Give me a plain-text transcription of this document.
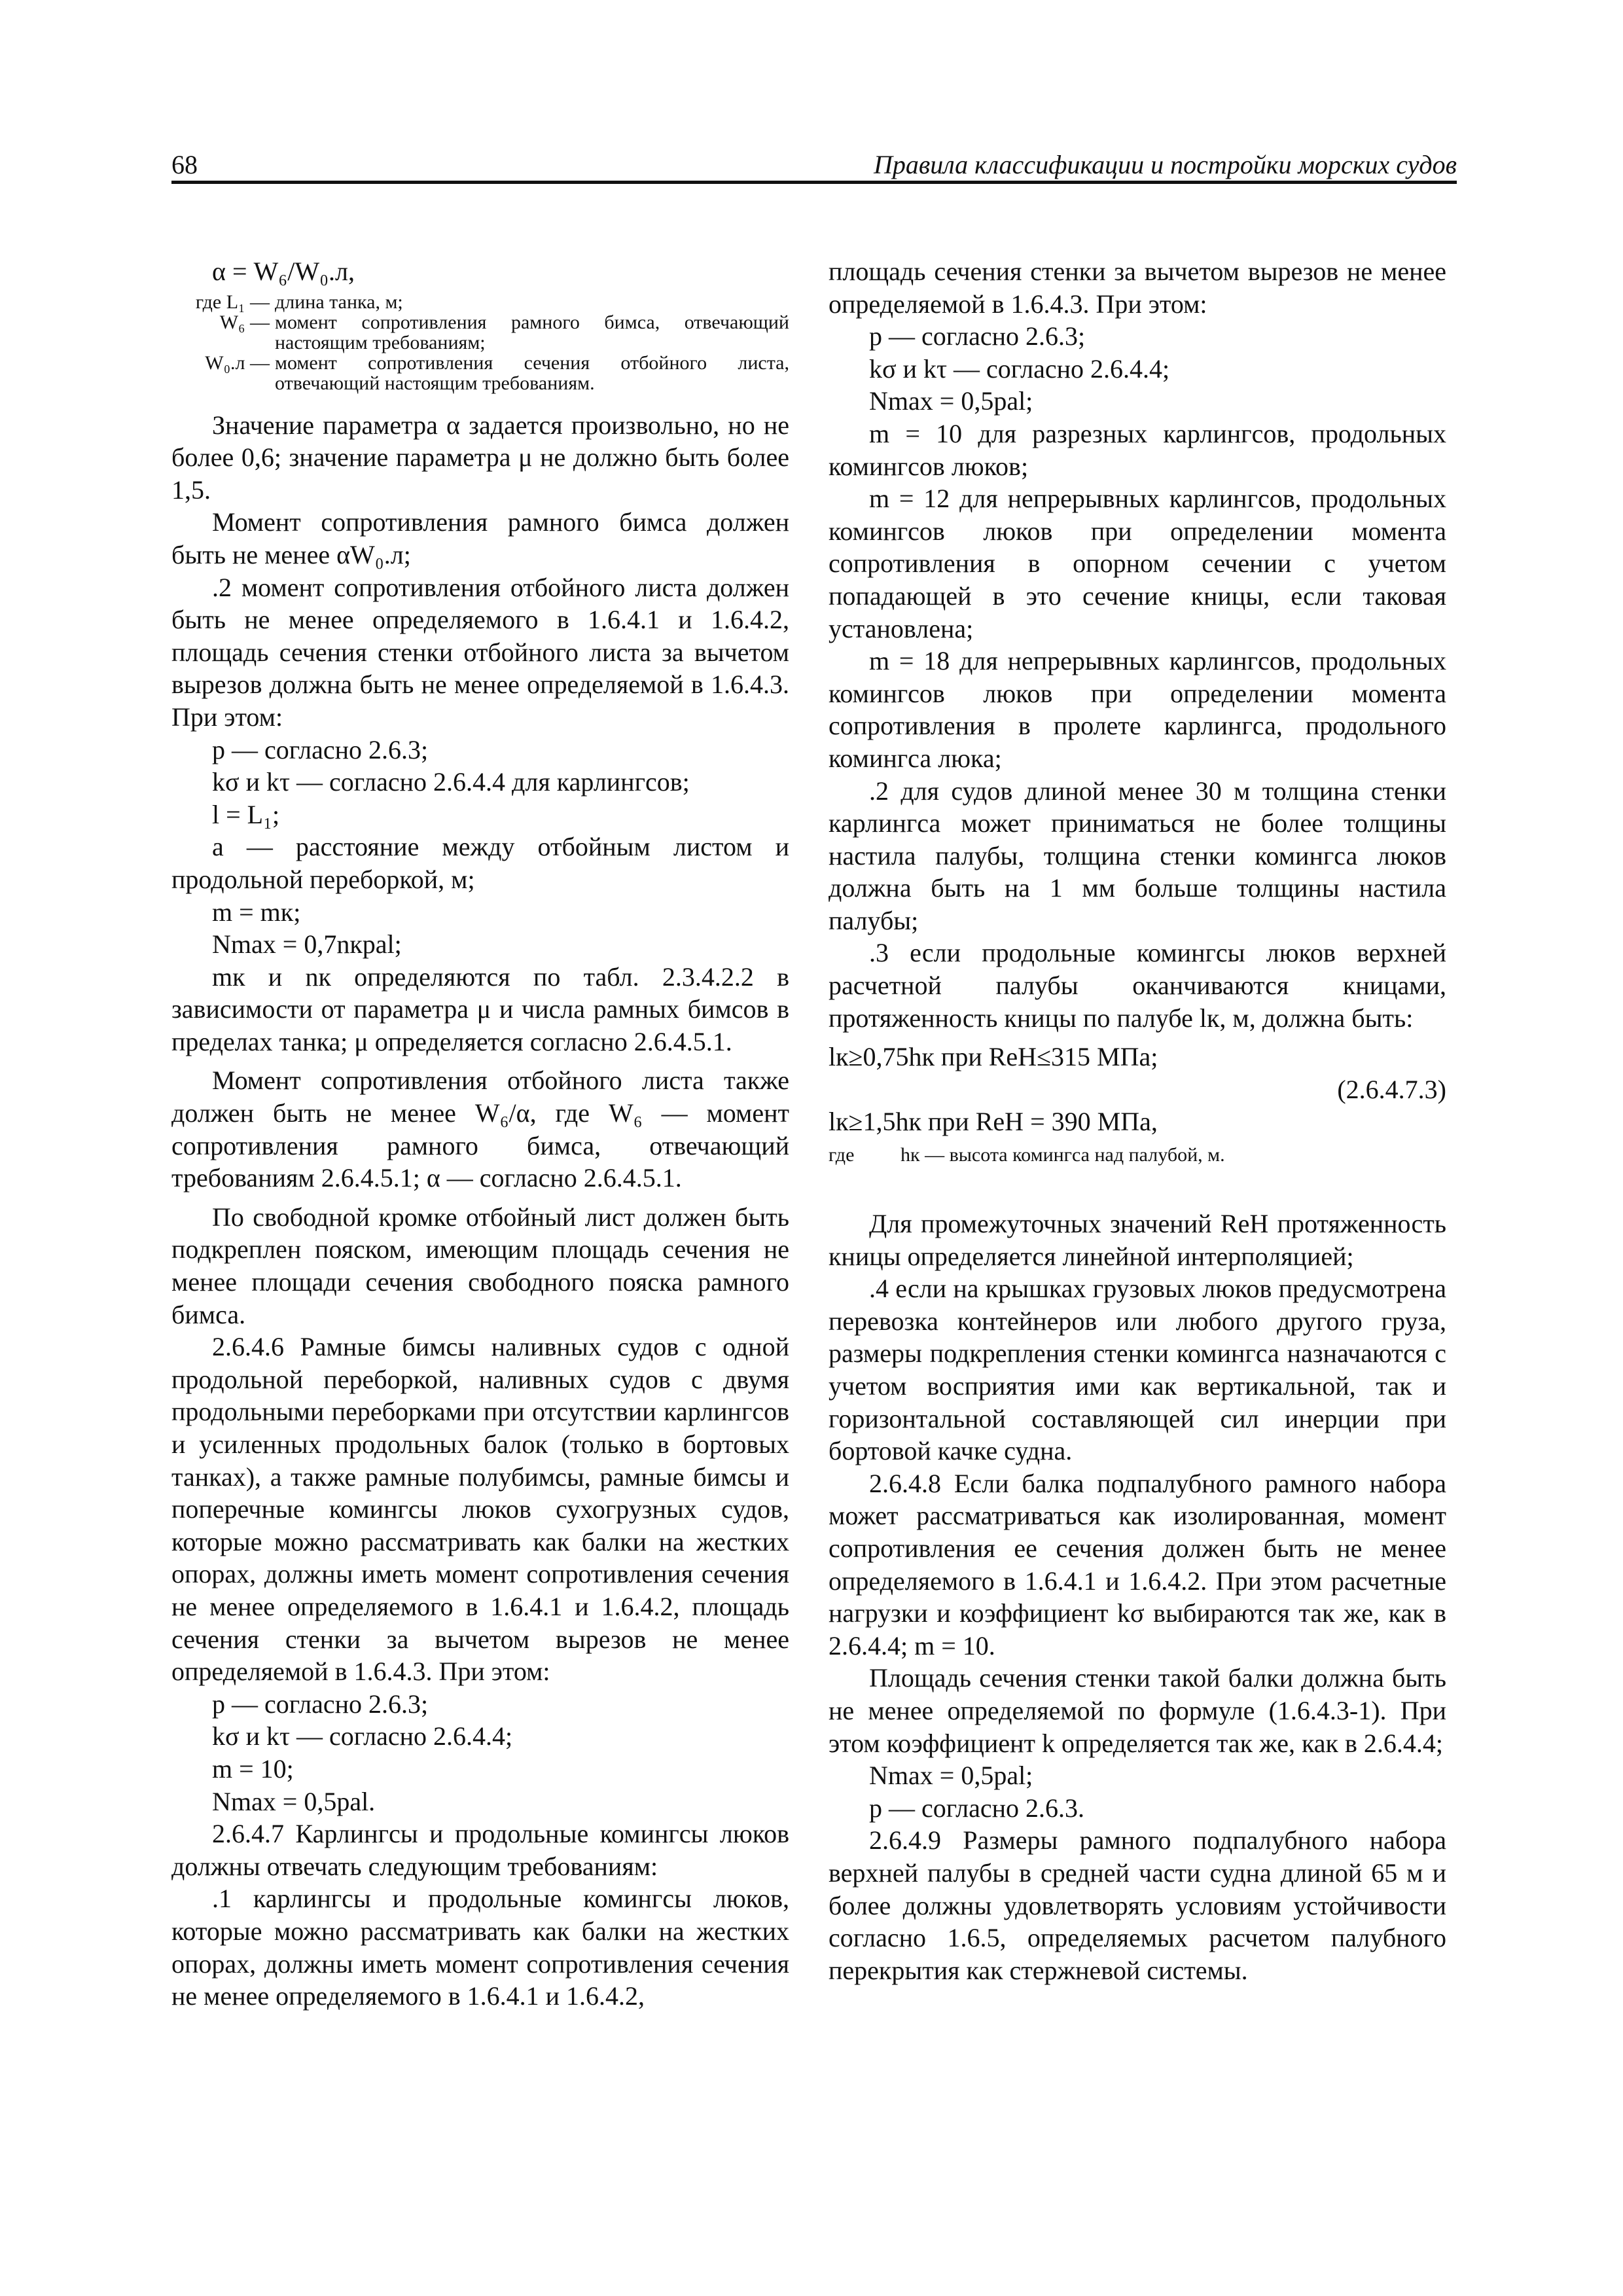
68	Правила классификации и постройки морских судов

α = W₆/W₀.л,

где L₁ — длина танка, м;
W₆ — момент сопротивления рамного бимса, отвечающий настоящим требованиям;
W₀.л — момент сопротивления сечения отбойного листа, отвечающий настоящим требованиям.

Значение параметра α задается произвольно, но не более 0,6; значение параметра μ не должно быть более 1,5.

Момент сопротивления рамного бимса должен быть не менее αW₀.л;

.2 момент сопротивления отбойного листа должен быть не менее определяемого в 1.6.4.1 и 1.6.4.2, площадь сечения стенки отбойного листа за вычетом вырезов должна быть не менее определяемой в 1.6.4.3. При этом:

p — согласно 2.6.3;

kσ и kτ — согласно 2.6.4.4 для карлингсов;

l = L₁;

a — расстояние между отбойным листом и продольной переборкой, м;

m = mк;

Nmax = 0,7nкpal;

mк и nк определяются по табл. 2.3.4.2.2 в зависимости от параметра μ и числа рамных бимсов в пределах танка; μ определяется согласно 2.6.4.5.1.

Момент сопротивления отбойного листа также должен быть не менее W₆/α, где W₆ — момент сопротивления рамного бимса, отвечающий требованиям 2.6.4.5.1; α — согласно 2.6.4.5.1.

По свободной кромке отбойный лист должен быть подкреплен пояском, имеющим площадь сечения не менее площади сечения свободного пояска рамного бимса.

2.6.4.6 Рамные бимсы наливных судов с одной продольной переборкой, наливных судов с двумя продольными переборками при отсутствии карлингсов и усиленных продольных балок (только в бортовых танках), а также рамные полубимсы, рамные бимсы и поперечные комингсы люков сухогрузных судов, которые можно рассматривать как балки на жестких опорах, должны иметь момент сопротивления сечения не менее определяемого в 1.6.4.1 и 1.6.4.2, площадь сечения стенки за вычетом вырезов не менее определяемой в 1.6.4.3. При этом:

p — согласно 2.6.3;

kσ и kτ — согласно 2.6.4.4;

m = 10;

Nmax = 0,5pal.

2.6.4.7 Карлингсы и продольные комингсы люков должны отвечать следующим требованиям:

.1 карлингсы и продольные комингсы люков, которые можно рассматривать как балки на жестких опорах, должны иметь момент сопротивления сечения не менее определяемого в 1.6.4.1 и 1.6.4.2,

площадь сечения стенки за вычетом вырезов не менее определяемой в 1.6.4.3. При этом:

p — согласно 2.6.3;

kσ и kτ — согласно 2.6.4.4;

Nmax = 0,5pal;

m = 10 для разрезных карлингсов, продольных комингсов люков;

m = 12 для непрерывных карлингсов, продольных комингсов люков при определении момента сопротивления в опорном сечении с учетом попадающей в это сечение кницы, если таковая установлена;

m = 18 для непрерывных карлингсов, продольных комингсов люков при определении момента сопротивления в пролете карлингса, продольного комингса люка;

.2 для судов длиной менее 30 м толщина стенки карлингса может приниматься не более толщины настила палубы, толщина стенки комингса люков должна быть на 1 мм больше толщины настила палубы;

.3 если продольные комингсы люков верхней расчетной палубы оканчиваются кницами, протяженность кницы по палубе lк, м, должна быть:

lк≥0,75hк при ReH≤315 МПа;

(2.6.4.7.3)

lк≥1,5hк при ReH = 390 МПа,

где	hк — высота комингса над палубой, м.

Для промежуточных значений ReH протяженность кницы определяется линейной интерполяцией;

.4 если на крышках грузовых люков предусмотрена перевозка контейнеров или любого другого груза, размеры подкрепления стенки комингса назначаются с учетом восприятия ими как вертикальной, так и горизонтальной составляющей сил инерции при бортовой качке судна.

2.6.4.8 Если балка подпалубного рамного набора может рассматриваться как изолированная, момент сопротивления ее сечения должен быть не менее определяемого в 1.6.4.1 и 1.6.4.2. При этом расчетные нагрузки и коэффициент kσ выбираются так же, как в 2.6.4.4; m = 10.

Площадь сечения стенки такой балки должна быть не менее определяемой по формуле (1.6.4.3-1). При этом коэффициент k определяется так же, как в 2.6.4.4;

Nmax = 0,5pal;

p — согласно 2.6.3.

2.6.4.9 Размеры рамного подпалубного набора верхней палубы в средней части судна длиной 65 м и более должны удовлетворять условиям устойчивости согласно 1.6.5, определяемых расчетом палубного перекрытия как стержневой системы.
